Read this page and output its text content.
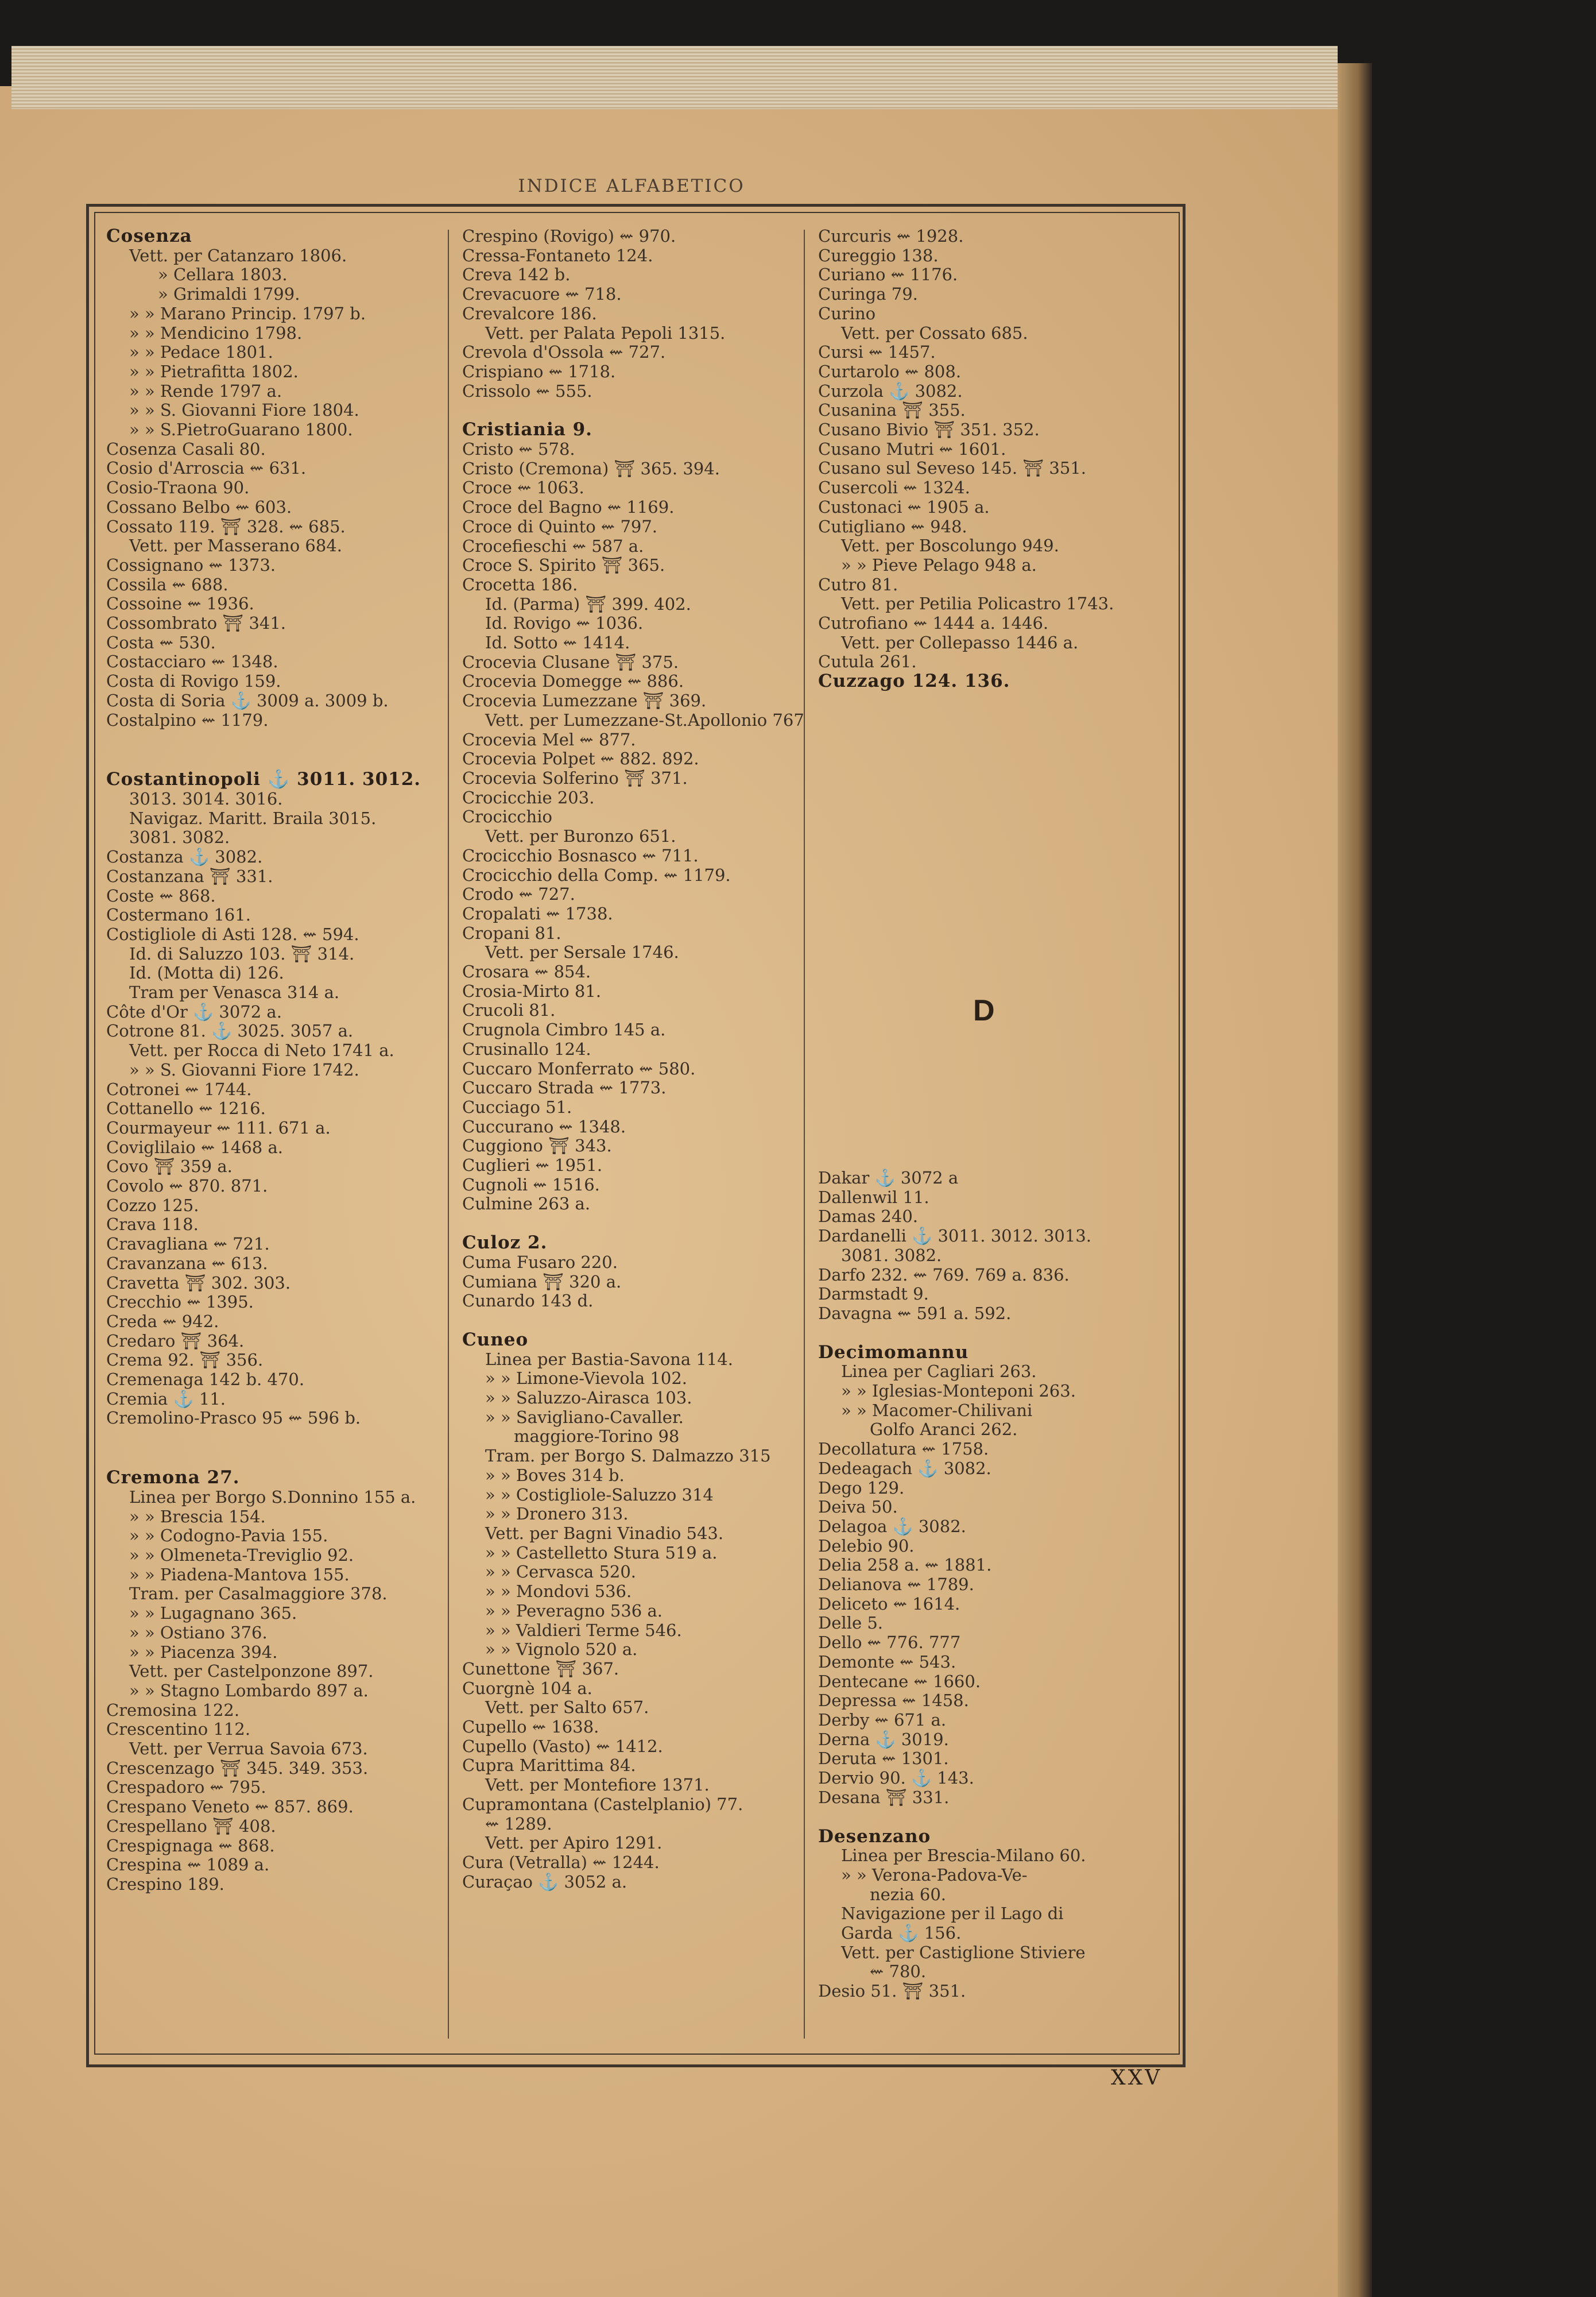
INDICE ALFABETICO
Cosenza
Vett. per Catanzaro 1806.
» Cellara 1803.
» Grimaldi 1799.
» » Marano Princip. 1797 b.
» » Mendicino 1798.
» » Pedace 1801.
» » Pietrafitta 1802.
» » Rende 1797 a.
» » S. Giovanni Fiore 1804.
» » S.PietroGuarano 1800.
Cosenza Casali 80.
Cosio d'Arroscia ⇜ 631.
Cosio-Traona 90.
Cossano Belbo ⇜ 603.
Cossato 119. ⛩ 328. ⇜ 685.
Vett. per Masserano 684.
Cossignano ⇜ 1373.
Cossila ⇜ 688.
Cossoine ⇜ 1936.
Cossombrato ⛩ 341.
Costa ⇜ 530.
Costacciaro ⇜ 1348.
Costa di Rovigo 159.
Costa di Soria ⚓ 3009 a. 3009 b.
Costalpino ⇜ 1179.
Costantinopoli ⚓ 3011. 3012.
3013. 3014. 3016.
Navigaz. Maritt. Braila 3015.
3081. 3082.
Costanza ⚓ 3082.
Costanzana ⛩ 331.
Coste ⇜ 868.
Costermano 161.
Costigliole di Asti 128. ⇜ 594.
Id. di Saluzzo 103. ⛩ 314.
Id. (Motta di) 126.
Tram per Venasca 314 a.
Côte d'Or ⚓ 3072 a.
Cotrone 81. ⚓ 3025. 3057 a.
Vett. per Rocca di Neto 1741 a.
» » S. Giovanni Fiore 1742.
Cotronei ⇜ 1744.
Cottanello ⇜ 1216.
Courmayeur ⇜ 111. 671 a.
Coviglilaio ⇜ 1468 a.
Covo ⛩ 359 a.
Covolo ⇜ 870. 871.
Cozzo 125.
Crava 118.
Cravagliana ⇜ 721.
Cravanzana ⇜ 613.
Cravetta ⛩ 302. 303.
Crecchio ⇜ 1395.
Creda ⇜ 942.
Credaro ⛩ 364.
Crema 92. ⛩ 356.
Cremenaga 142 b. 470.
Cremia ⚓ 11.
Cremolino-Prasco 95 ⇜ 596 b.
Cremona 27.
Linea per Borgo S.Donnino 155 a.
» » Brescia 154.
» » Codogno-Pavia 155.
» » Olmeneta-Treviglio 92.
» » Piadena-Mantova 155.
Tram. per Casalmaggiore 378.
» » Lugagnano 365.
» » Ostiano 376.
» » Piacenza 394.
Vett. per Castelponzone 897.
» » Stagno Lombardo 897 a.
Cremosina 122.
Crescentino 112.
Vett. per Verrua Savoia 673.
Crescenzago ⛩ 345. 349. 353.
Crespadoro ⇜ 795.
Crespano Veneto ⇜ 857. 869.
Crespellano ⛩ 408.
Crespignaga ⇜ 868.
Crespina ⇜ 1089 a.
Crespino 189.
Crespino (Rovigo) ⇜ 970.
Cressa-Fontaneto 124.
Creva 142 b.
Crevacuore ⇜ 718.
Crevalcore 186.
Vett. per Palata Pepoli 1315.
Crevola d'Ossola ⇜ 727.
Crispiano ⇜ 1718.
Crissolo ⇜ 555.
Cristiania 9.
Cristo ⇜ 578.
Cristo (Cremona) ⛩ 365. 394.
Croce ⇜ 1063.
Croce del Bagno ⇜ 1169.
Croce di Quinto ⇜ 797.
Crocefieschi ⇜ 587 a.
Croce S. Spirito ⛩ 365.
Crocetta 186.
Id. (Parma) ⛩ 399. 402.
Id. Rovigo ⇜ 1036.
Id. Sotto ⇜ 1414.
Crocevia Clusane ⛩ 375.
Crocevia Domegge ⇜ 886.
Crocevia Lumezzane ⛩ 369.
Vett. per Lumezzane-St.Apollonio 767
Crocevia Mel ⇜ 877.
Crocevia Polpet ⇜ 882. 892.
Crocevia Solferino ⛩ 371.
Crocicchie 203.
Crocicchio
Vett. per Buronzo 651.
Crocicchio Bosnasco ⇜ 711.
Crocicchio della Comp. ⇜ 1179.
Crodo ⇜ 727.
Cropalati ⇜ 1738.
Cropani 81.
Vett. per Sersale 1746.
Crosara ⇜ 854.
Crosia-Mirto 81.
Crucoli 81.
Crugnola Cimbro 145 a.
Crusinallo 124.
Cuccaro Monferrato ⇜ 580.
Cuccaro Strada ⇜ 1773.
Cucciago 51.
Cuccurano ⇜ 1348.
Cuggiono ⛩ 343.
Cuglieri ⇜ 1951.
Cugnoli ⇜ 1516.
Culmine 263 a.
Culoz 2.
Cuma Fusaro 220.
Cumiana ⛩ 320 a.
Cunardo 143 d.
Cuneo
Linea per Bastia-Savona 114.
» » Limone-Vievola 102.
» » Saluzzo-Airasca 103.
» » Savigliano-Cavaller.
maggiore-Torino 98
Tram. per Borgo S. Dalmazzo 315
» » Boves 314 b.
» » Costigliole-Saluzzo 314
» » Dronero 313.
Vett. per Bagni Vinadio 543.
» » Castelletto Stura 519 a.
» » Cervasca 520.
» » Mondovi 536.
» » Peveragno 536 a.
» » Valdieri Terme 546.
» » Vignolo 520 a.
Cunettone ⛩ 367.
Cuorgnè 104 a.
Vett. per Salto 657.
Cupello ⇜ 1638.
Cupello (Vasto) ⇜ 1412.
Cupra Marittima 84.
Vett. per Montefiore 1371.
Cupramontana (Castelplanio) 77.
⇜ 1289.
Vett. per Apiro 1291.
Cura (Vetralla) ⇜ 1244.
Curaçao ⚓ 3052 a.
Curcuris ⇜ 1928.
Cureggio 138.
Curiano ⇜ 1176.
Curinga 79.
Curino
Vett. per Cossato 685.
Cursi ⇜ 1457.
Curtarolo ⇜ 808.
Curzola ⚓ 3082.
Cusanina ⛩ 355.
Cusano Bivio ⛩ 351. 352.
Cusano Mutri ⇜ 1601.
Cusano sul Seveso 145. ⛩ 351.
Cusercoli ⇜ 1324.
Custonaci ⇜ 1905 a.
Cutigliano ⇜ 948.
Vett. per Boscolungo 949.
» » Pieve Pelago 948 a.
Cutro 81.
Vett. per Petilia Policastro 1743.
Cutrofiano ⇜ 1444 a. 1446.
Vett. per Collepasso 1446 a.
Cutula 261.
Cuzzago 124. 136.
Dakar ⚓ 3072 a
Dallenwil 11.
Damas 240.
Dardanelli ⚓ 3011. 3012. 3013.
3081. 3082.
Darfo 232. ⇜ 769. 769 a. 836.
Darmstadt 9.
Davagna ⇜ 591 a. 592.
Decimomannu
Linea per Cagliari 263.
» » Iglesias-Monteponi 263.
» » Macomer-Chilivani
Golfo Aranci 262.
Decollatura ⇜ 1758.
Dedeagach ⚓ 3082.
Dego 129.
Deiva 50.
Delagoa ⚓ 3082.
Delebio 90.
Delia 258 a. ⇜ 1881.
Delianova ⇜ 1789.
Deliceto ⇜ 1614.
Delle 5.
Dello ⇜ 776. 777
Demonte ⇜ 543.
Dentecane ⇜ 1660.
Depressa ⇜ 1458.
Derby ⇜ 671 a.
Derna ⚓ 3019.
Deruta ⇜ 1301.
Dervio 90. ⚓ 143.
Desana ⛩ 331.
Desenzano
Linea per Brescia-Milano 60.
» » Verona-Padova-Ve-
nezia 60.
Navigazione per il Lago di
Garda ⚓ 156.
Vett. per Castiglione Stiviere
⇜ 780.
Desio 51. ⛩ 351.
D
XXV
